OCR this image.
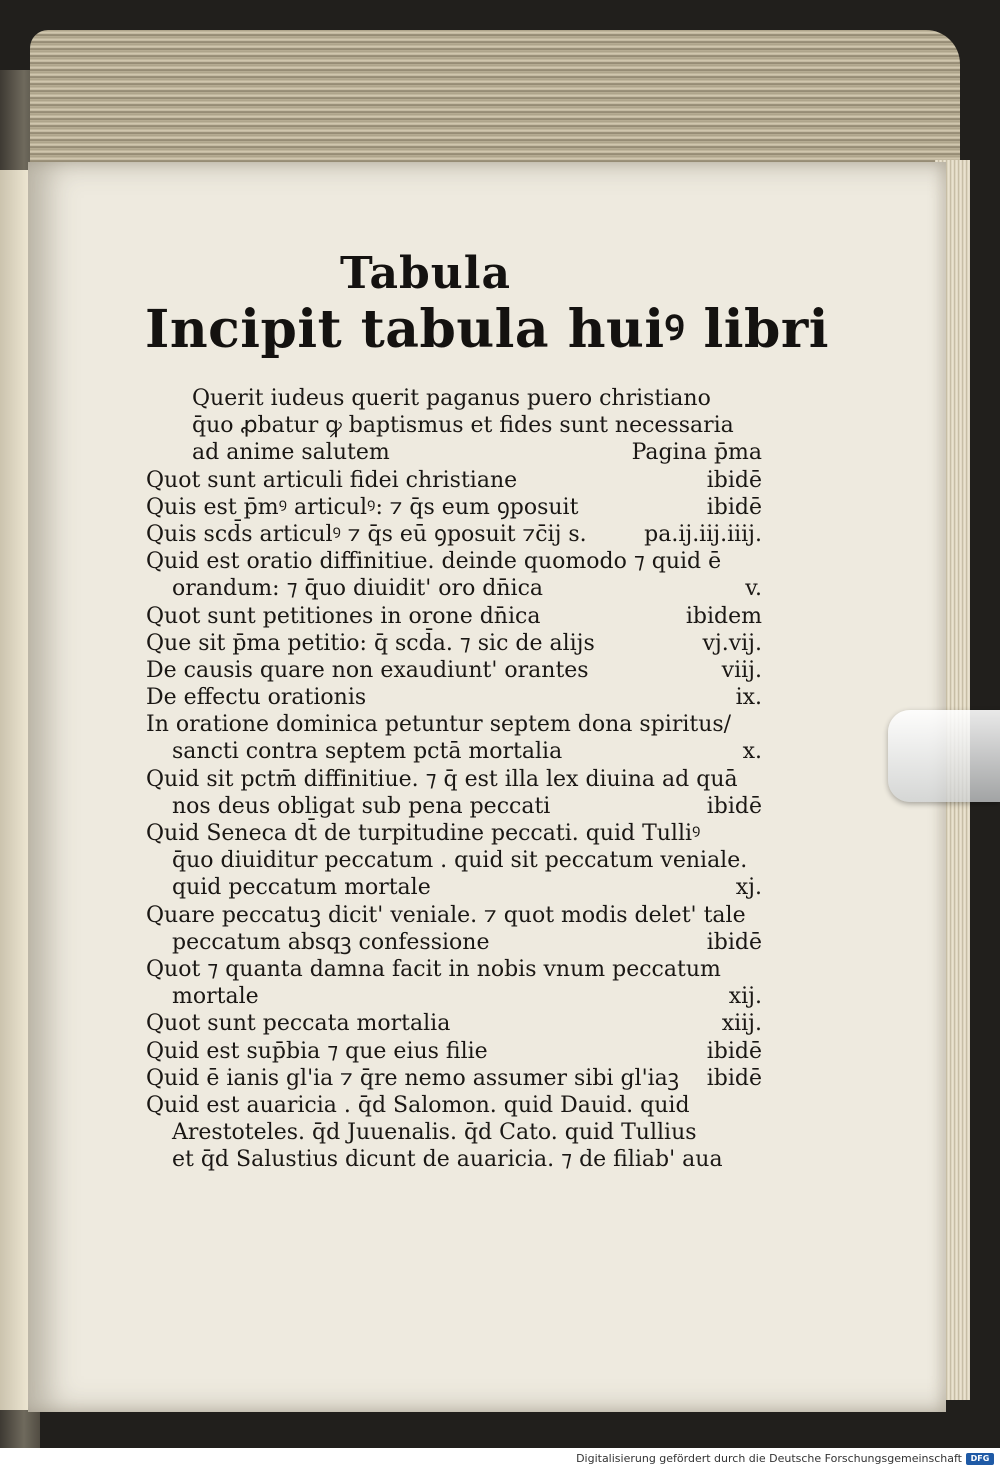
Tabula
Incipit tabula huiꝰ libri
Querit iudeus querit paganus puero christiano
q̄uo ꝓbatur ꝙ baptismus et fides sunt necessaria
ad anime salutem	Pagina p̄ma
Quot sunt articuli fidei christiane	ibidē
Quis est p̄mꝰ articulꝰ: ⁊ q̄s eum ꝯposuit	ibidē
Quis scd̄s articulꝰ ⁊ q̄s eū ꝯposuit ⁊c̄ij s.	pa.ij.iij.iiij.
Quid est oratio diffinitiue. deinde quomodo ⁊ quid ē
orandum: ⁊ q̄uo diuidit' oro dn̄ica	v.
Quot sunt petitiones in orone dn̄ica	ibidem
Que sit p̄ma petitio: q̄ scd̄a. ⁊ sic de alijs	vj.vij.
De causis quare non exaudiunt' orantes	viij.
De effectu orationis	ix.
In oratione dominica petuntur septem dona spiritus/
sancti contra septem pctā mortalia	x.
Quid sit pctm̄ diffinitiue. ⁊ q̄ est illa lex diuina ad quā
nos deus obligat sub pena peccati	ibidē
Quid Seneca dt̄ de turpitudine peccati. quid Tulliꝰ
q̄uo diuiditur peccatum . quid sit peccatum veniale.
quid peccatum mortale	xj.
Quare peccatuꝫ dicit' veniale. ⁊ quot modis delet' tale
peccatum absqꝫ confessione	ibidē
Quot ⁊ quanta damna facit in nobis vnum peccatum
mortale	xij.
Quot sunt peccata mortalia	xiij.
Quid est sup̄bia ⁊ que eius filie	ibidē
Quid ē ianis gl'ia ⁊ q̄re nemo assumer sibi gl'iaꝫ ibidē
Quid est auaricia . q̄d Salomon. quid Dauid. quid
Arestoteles. q̄d Juuenalis. q̄d Cato. quid Tullius
et q̄d Salustius dicunt de auaricia. ⁊ de filiab' aua
Digitalisierung gefördert durch die Deutsche Forschungsgemeinschaft	DFG
